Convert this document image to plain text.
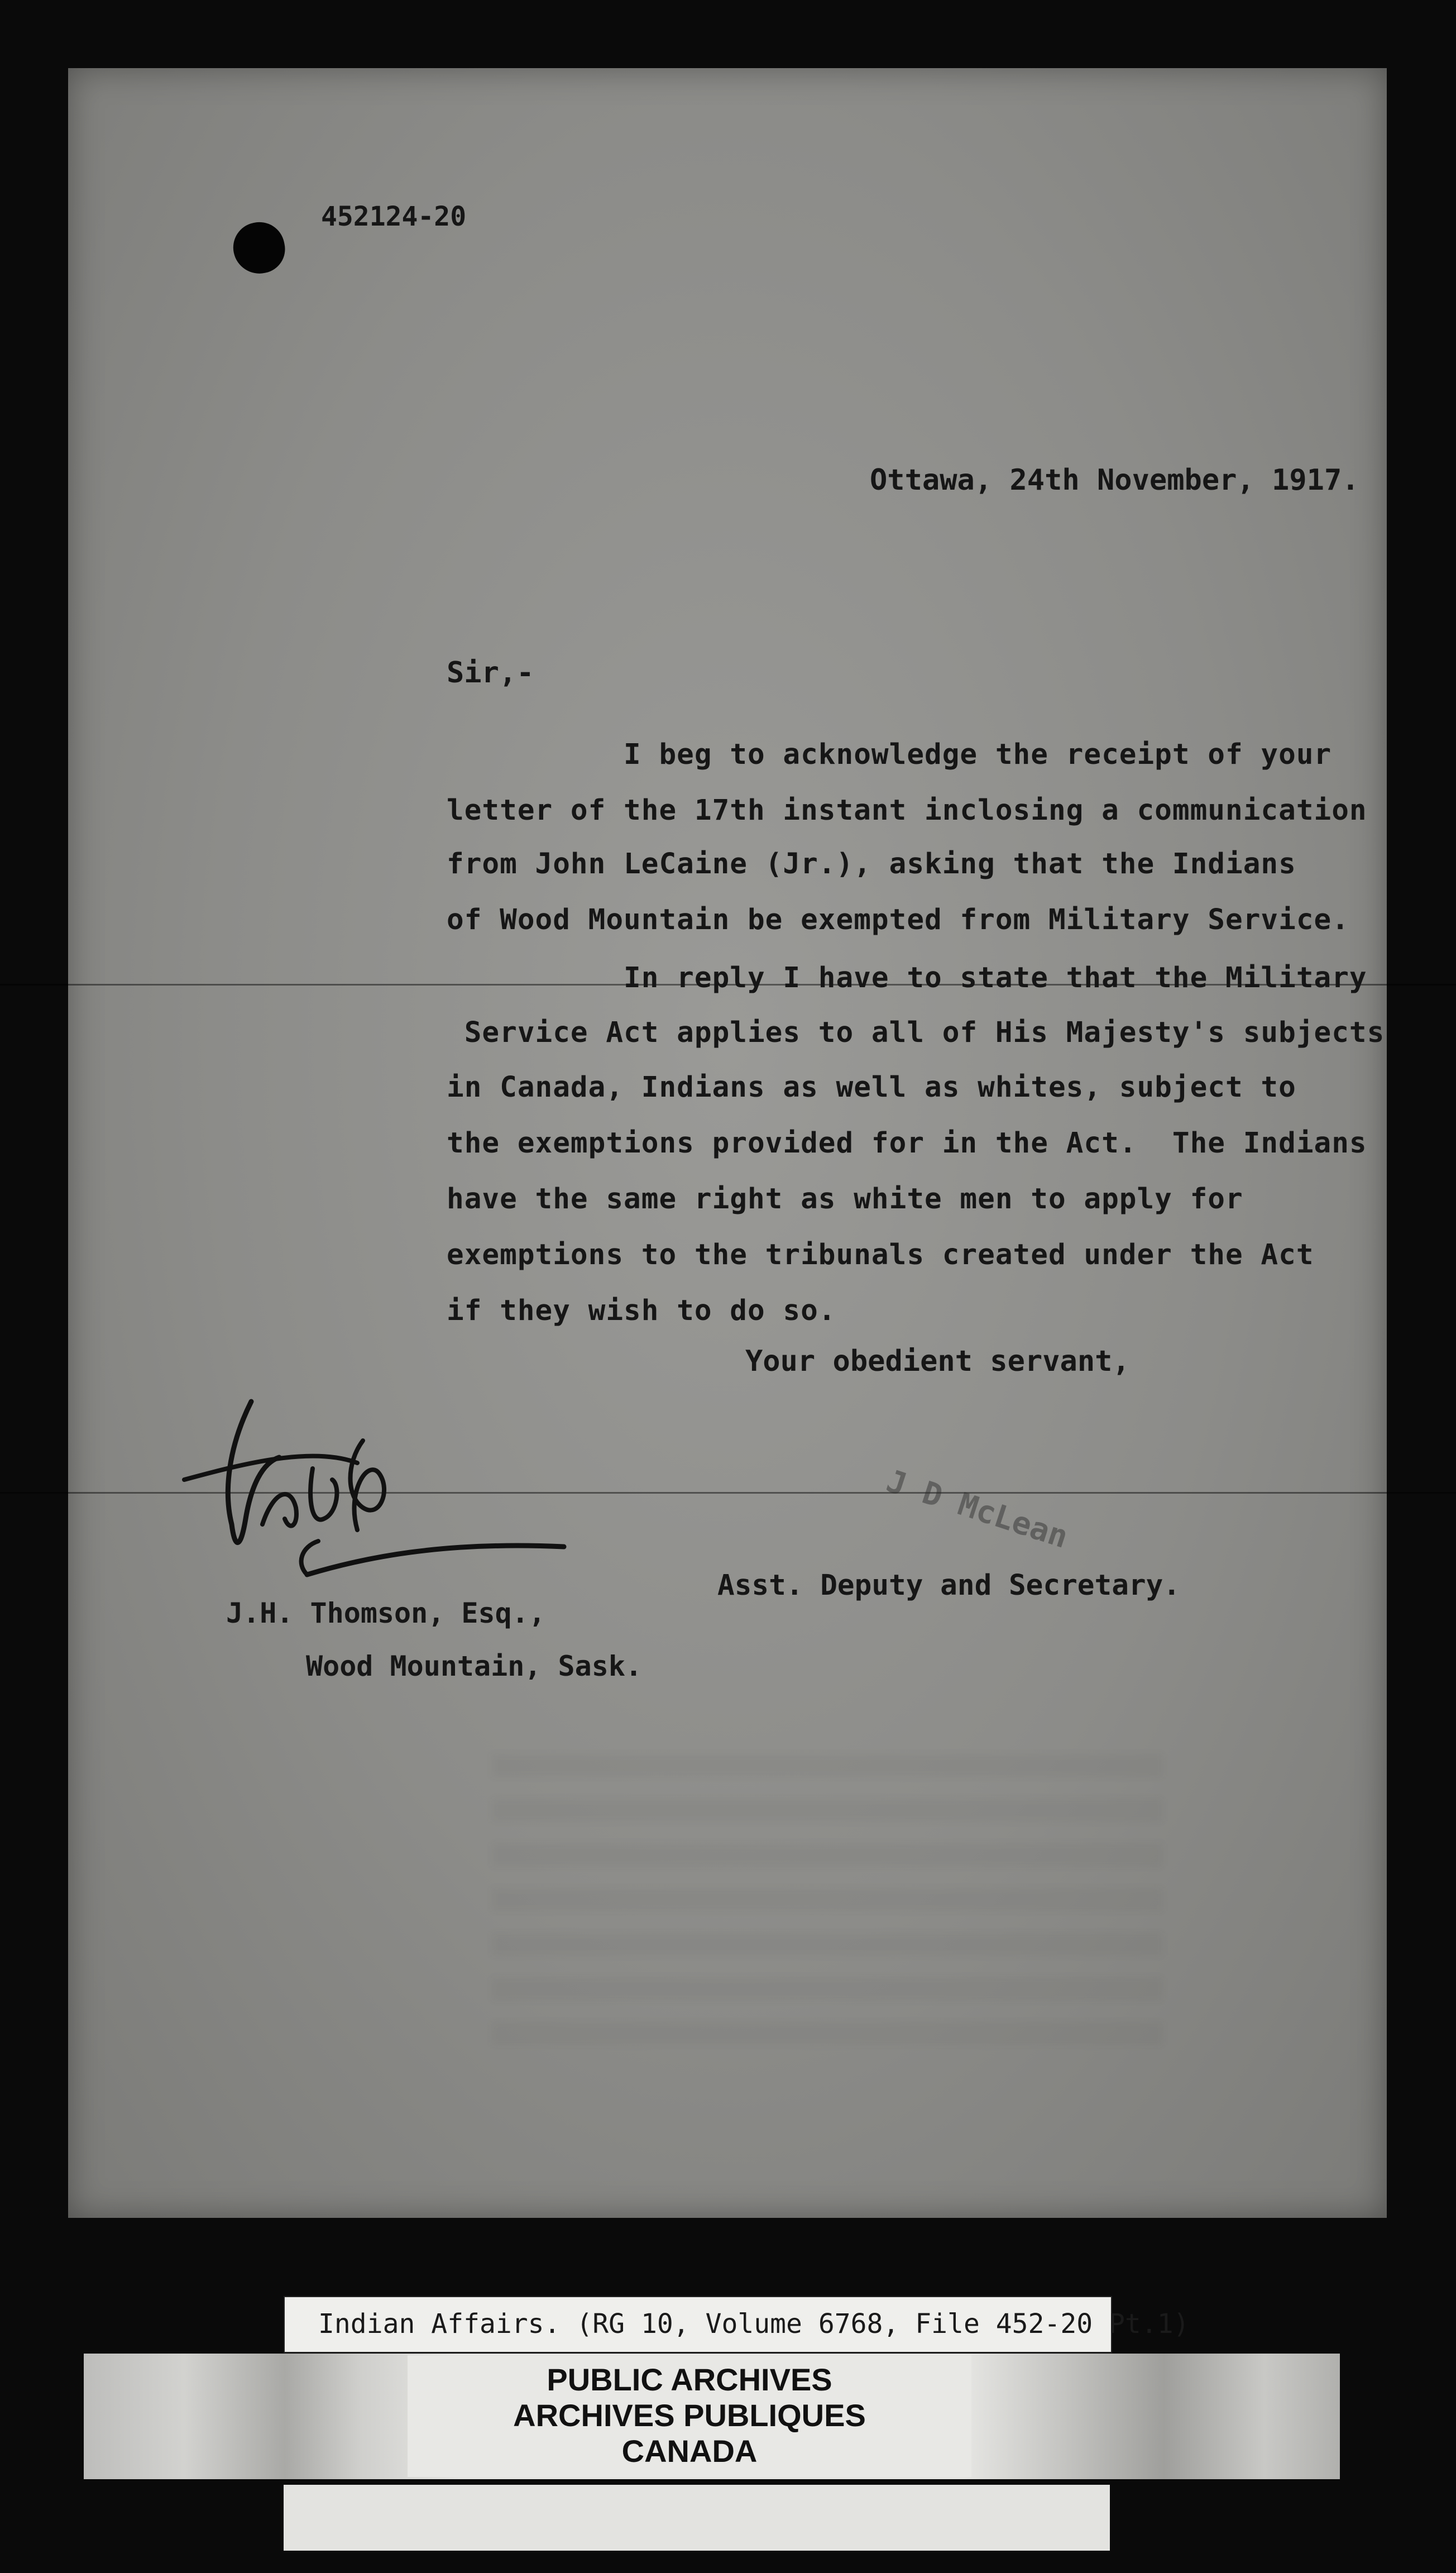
452124-20
Ottawa, 24th November, 1917.
Sir,-
I beg to acknowledge the receipt of your
letter of the 17th instant inclosing a communication
from John LeCaine (Jr.), asking that the Indians
of Wood Mountain be exempted from Military Service.
In reply I have to state that the Military
Service Act applies to all of His Majesty's subjects
in Canada, Indians as well as whites, subject to
the exemptions provided for in the Act.  The Indians
have the same right as white men to apply for
exemptions to the tribunals created under the Act
if they wish to do so.
Your obedient servant,
J D McLean
Asst. Deputy and Secretary.
J.H. Thomson, Esq.,
Wood Mountain, Sask.
Indian Affairs. (RG 10, Volume 6768, File 452-20 Pt.1)
PUBLIC ARCHIVES
ARCHIVES PUBLIQUES
CANADA
